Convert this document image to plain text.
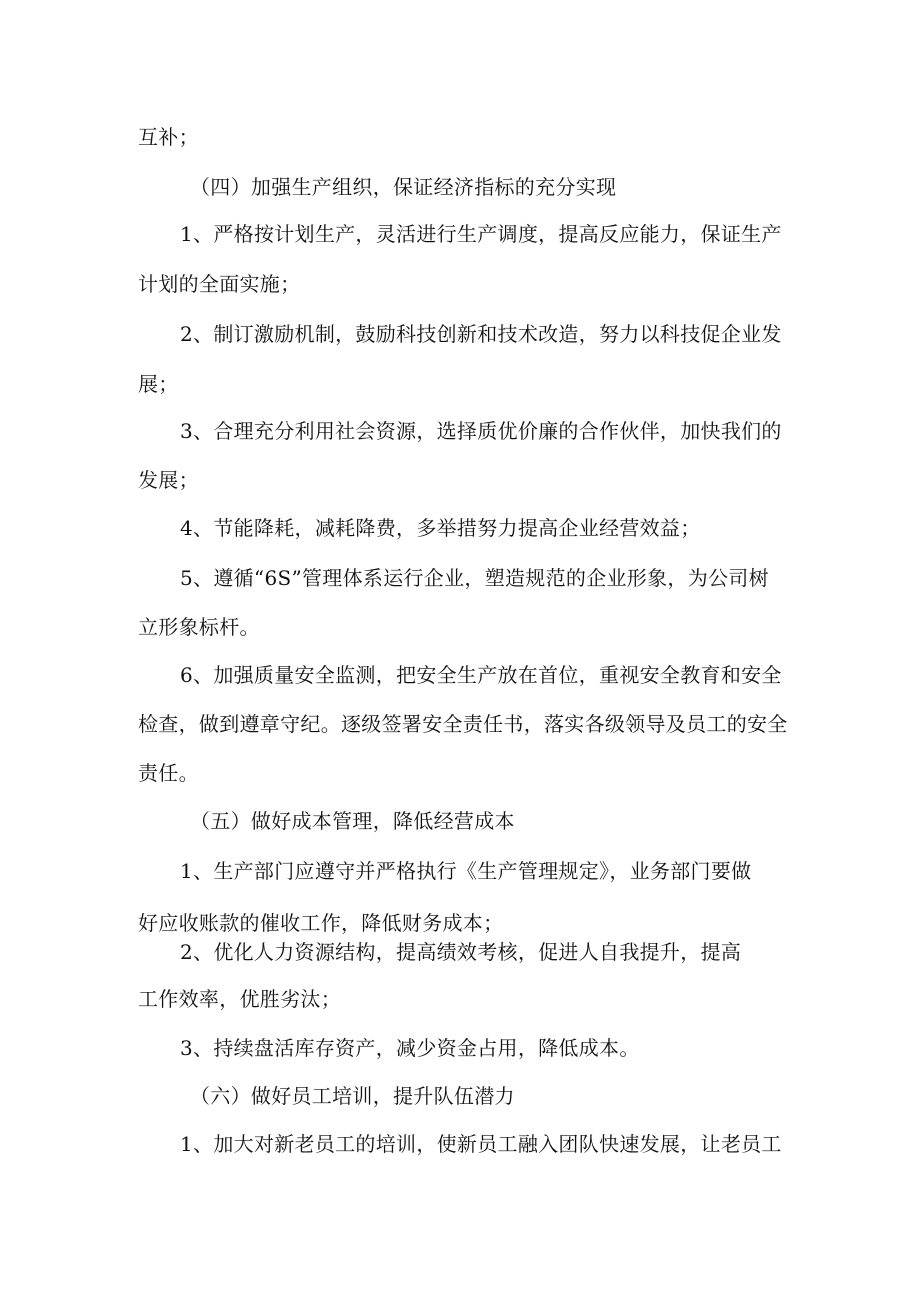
互补；
（四）加强生产组织，保证经济指标的充分实现
1、严格按计划生产，灵活进行生产调度，提高反应能力，保证生产
计划的全面实施；
2、制订激励机制，鼓励科技创新和技术改造，努力以科技促企业发
展；
3、合理充分利用社会资源，选择质优价廉的合作伙伴，加快我们的
发展；
4、节能降耗，减耗降费，多举措努力提高企业经营效益；
5、遵循“6S”管理体系运行企业，塑造规范的企业形象，为公司树
立形象标杆。
6、加强质量安全监测，把安全生产放在首位，重视安全教育和安全
检查，做到遵章守纪。逐级签署安全责任书，落实各级领导及员工的安全
责任。
（五）做好成本管理，降低经营成本
1、生产部门应遵守并严格执行《生产管理规定》，业务部门要做
好应收账款的催收工作，降低财务成本；
2、优化人力资源结构，提高绩效考核，促进人自我提升，提高
工作效率，优胜劣汰；
3、持续盘活库存资产，减少资金占用，降低成本。
（六）做好员工培训，提升队伍潜力
1、加大对新老员工的培训，使新员工融入团队快速发展，让老员工
